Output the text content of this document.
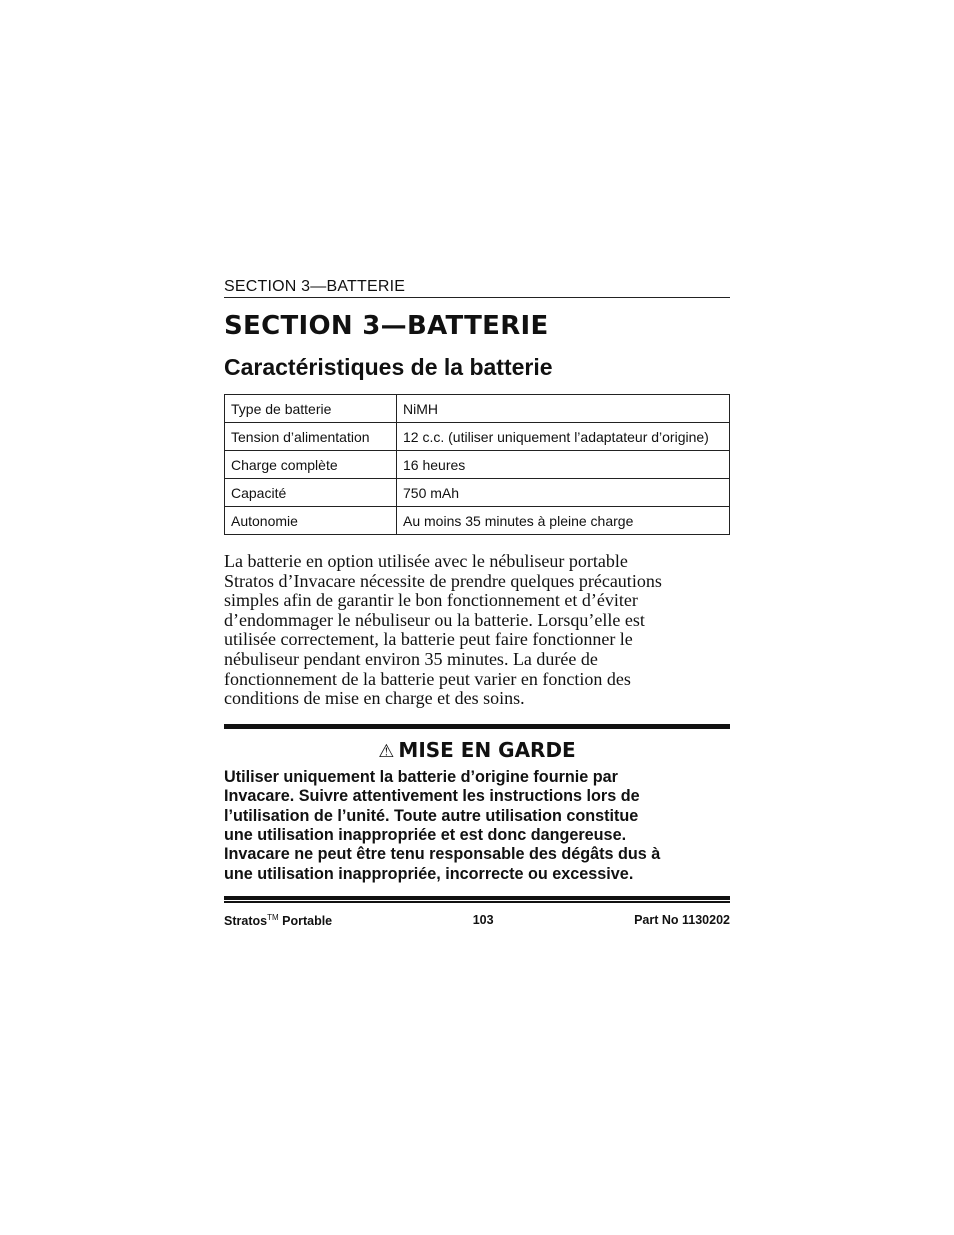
SECTION 3—BATTERIE
SECTION 3—BATTERIE
Caractéristiques de la batterie
Type de batterie	NiMH
Tension d’alimentation	12 c.c. (utiliser uniquement l’adaptateur d’origine)
Charge complète	16 heures
Capacité	750 mAh
Autonomie	Au moins 35 minutes à pleine charge
La batterie en option utilisée avec le nébuliseur portable
Stratos d’Invacare nécessite de prendre quelques précautions
simples afin de garantir le bon fonctionnement et d’éviter
d’endommager le nébuliseur ou la batterie. Lorsqu’elle est
utilisée correctement, la batterie peut faire fonctionner le
nébuliseur pendant environ 35 minutes. La durée de
fonctionnement de la batterie peut varier en fonction des
conditions de mise en charge et des soins.
⚠ MISE EN GARDE
Utiliser uniquement la batterie d’origine fournie par
Invacare. Suivre attentivement les instructions lors de
l’utilisation de l’unité. Toute autre utilisation constitue
une utilisation inappropriée et est donc dangereuse.
Invacare ne peut être tenu responsable des dégâts dus à
une utilisation inappropriée, incorrecte ou excessive.
Stratos™ Portable	103	Part No 1130202
